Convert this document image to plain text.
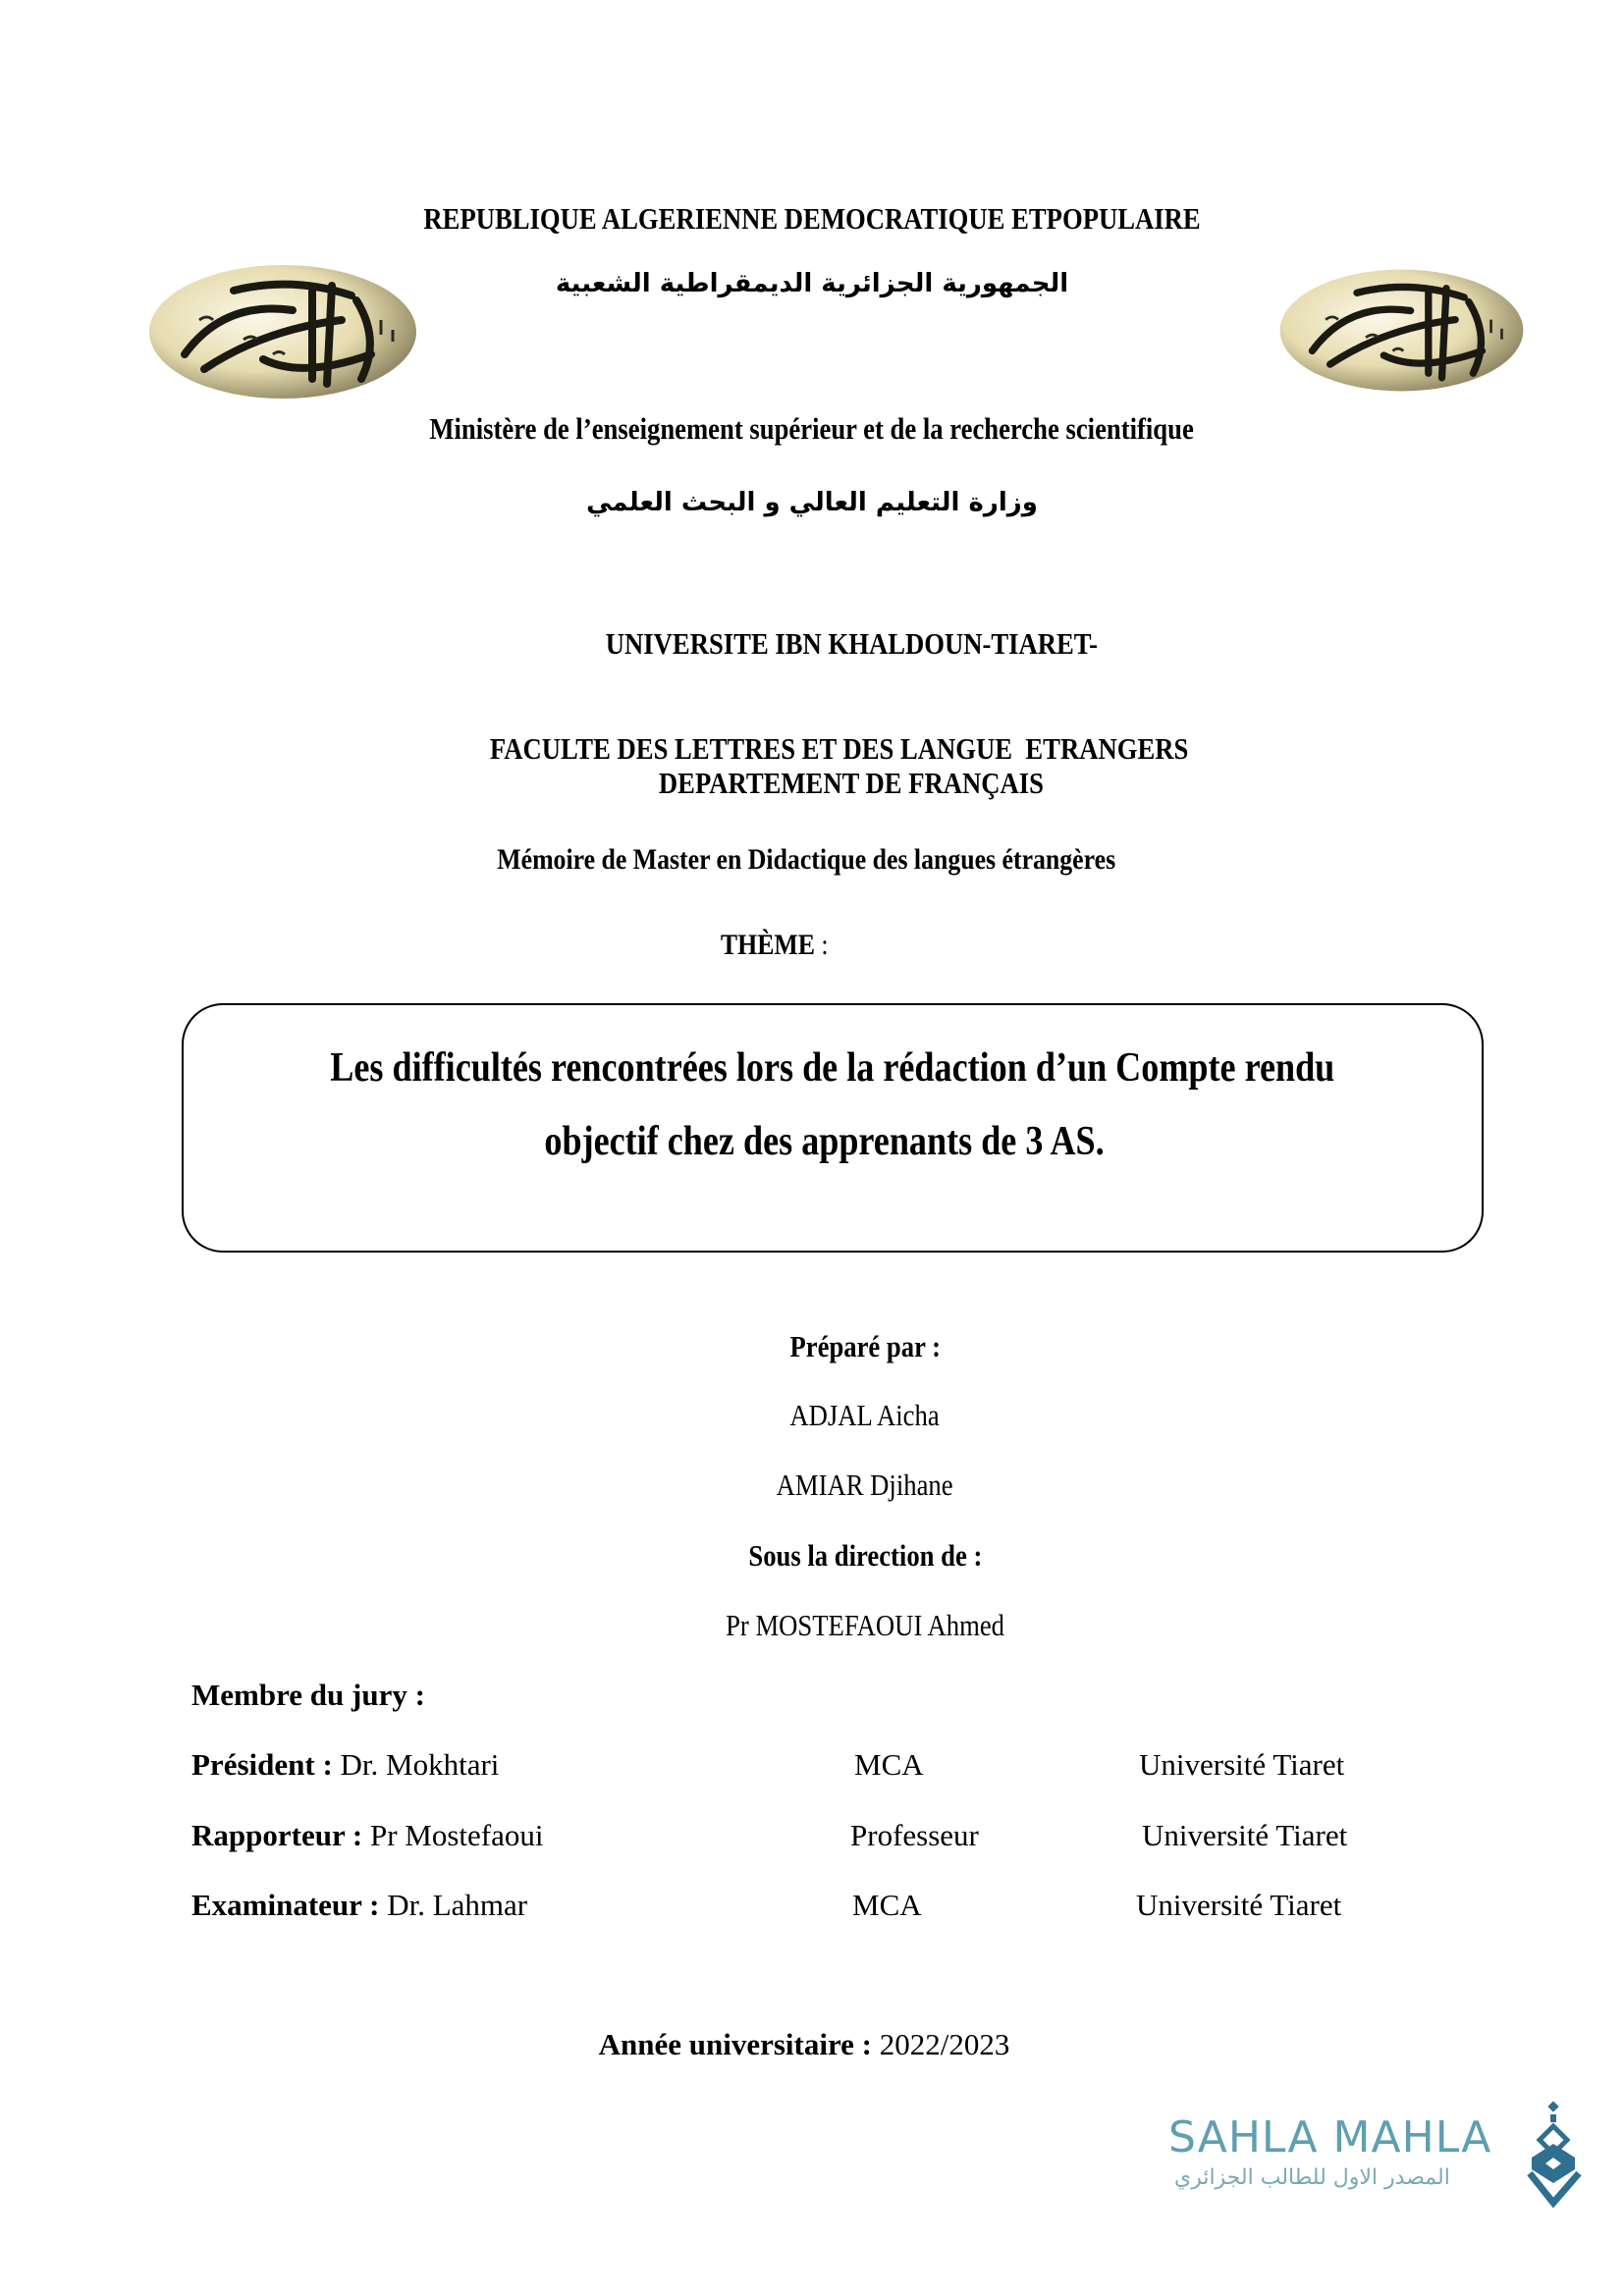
REPUBLIQUE ALGERIENNE DEMOCRATIQUE ETPOPULAIRE
الجمهورية الجزائرية الديمقراطية الشعبية
Ministère de l’enseignement supérieur et de la recherche scientifique
وزارة التعليم العالي و البحث العلمي
UNIVERSITE IBN KHALDOUN-TIARET-

FACULTE DES LETTRES ET DES LANGUE  ETRANGERS

DEPARTEMENT DE FRANÇAIS
Mémoire de Master en Didactique des langues étrangères
THÈME :
Les difficultés rencontrées lors de la rédaction d’un Compte rendu
objectif chez des apprenants de 3 AS.
Préparé par :
ADJAL Aicha
AMIAR Djihane
Sous la direction de :
Pr MOSTEFAOUI Ahmed
Membre du jury :
Président : Dr. Mokhtari	MCA	Université Tiaret
Rapporteur : Pr Mostefaoui	Professeur	Université Tiaret
Examinateur : Dr. Lahmar	MCA	Université Tiaret
Année universitaire : 2022/2023
SAHLA MAHLA
المصدر الاول للطالب الجزائري
